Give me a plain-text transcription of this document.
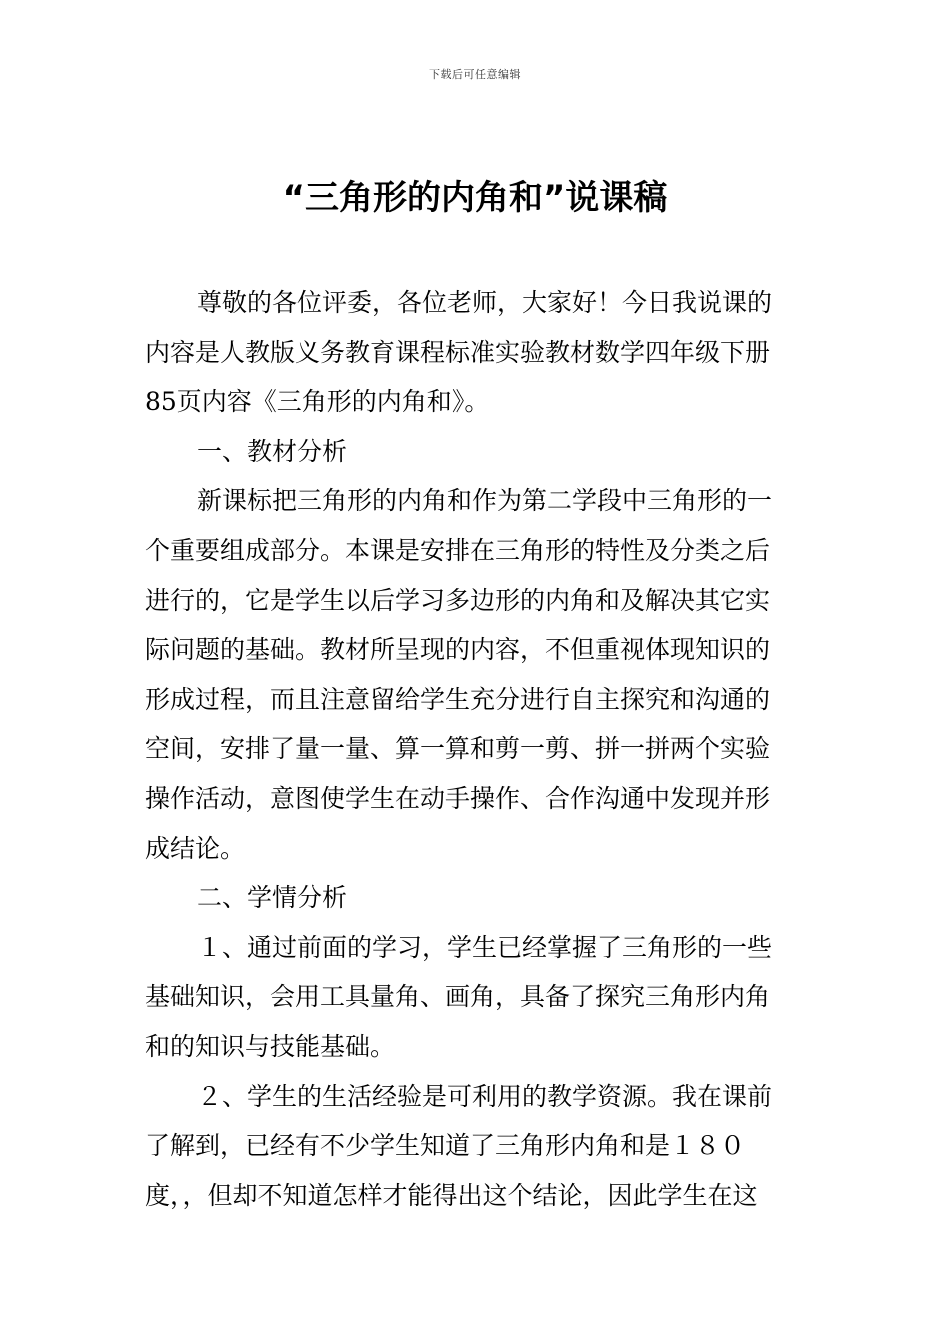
下载后可任意编辑
“三角形的内角和”说课稿
尊敬的各位评委，各位老师，大家好！今日我说课的
内容是人教版义务教育课程标准实验教材数学四年级下册
85页内容《三角形的内角和》。
一、教材分析
新课标把三角形的内角和作为第二学段中三角形的一
个重要组成部分。本课是安排在三角形的特性及分类之后
进行的，它是学生以后学习多边形的内角和及解决其它实
际问题的基础。教材所呈现的内容，不但重视体现知识的
形成过程，而且注意留给学生充分进行自主探究和沟通的
空间，安排了量一量、算一算和剪一剪、拼一拼两个实验
操作活动，意图使学生在动手操作、合作沟通中发现并形
成结论。
二、学情分析
１、通过前面的学习，学生已经掌握了三角形的一些
基础知识，会用工具量角、画角，具备了探究三角形内角
和的知识与技能基础。
２、学生的生活经验是可利用的教学资源。我在课前
了解到，已经有不少学生知道了三角形内角和是１８０
度，，但却不知道怎样才能得出这个结论，因此学生在这
